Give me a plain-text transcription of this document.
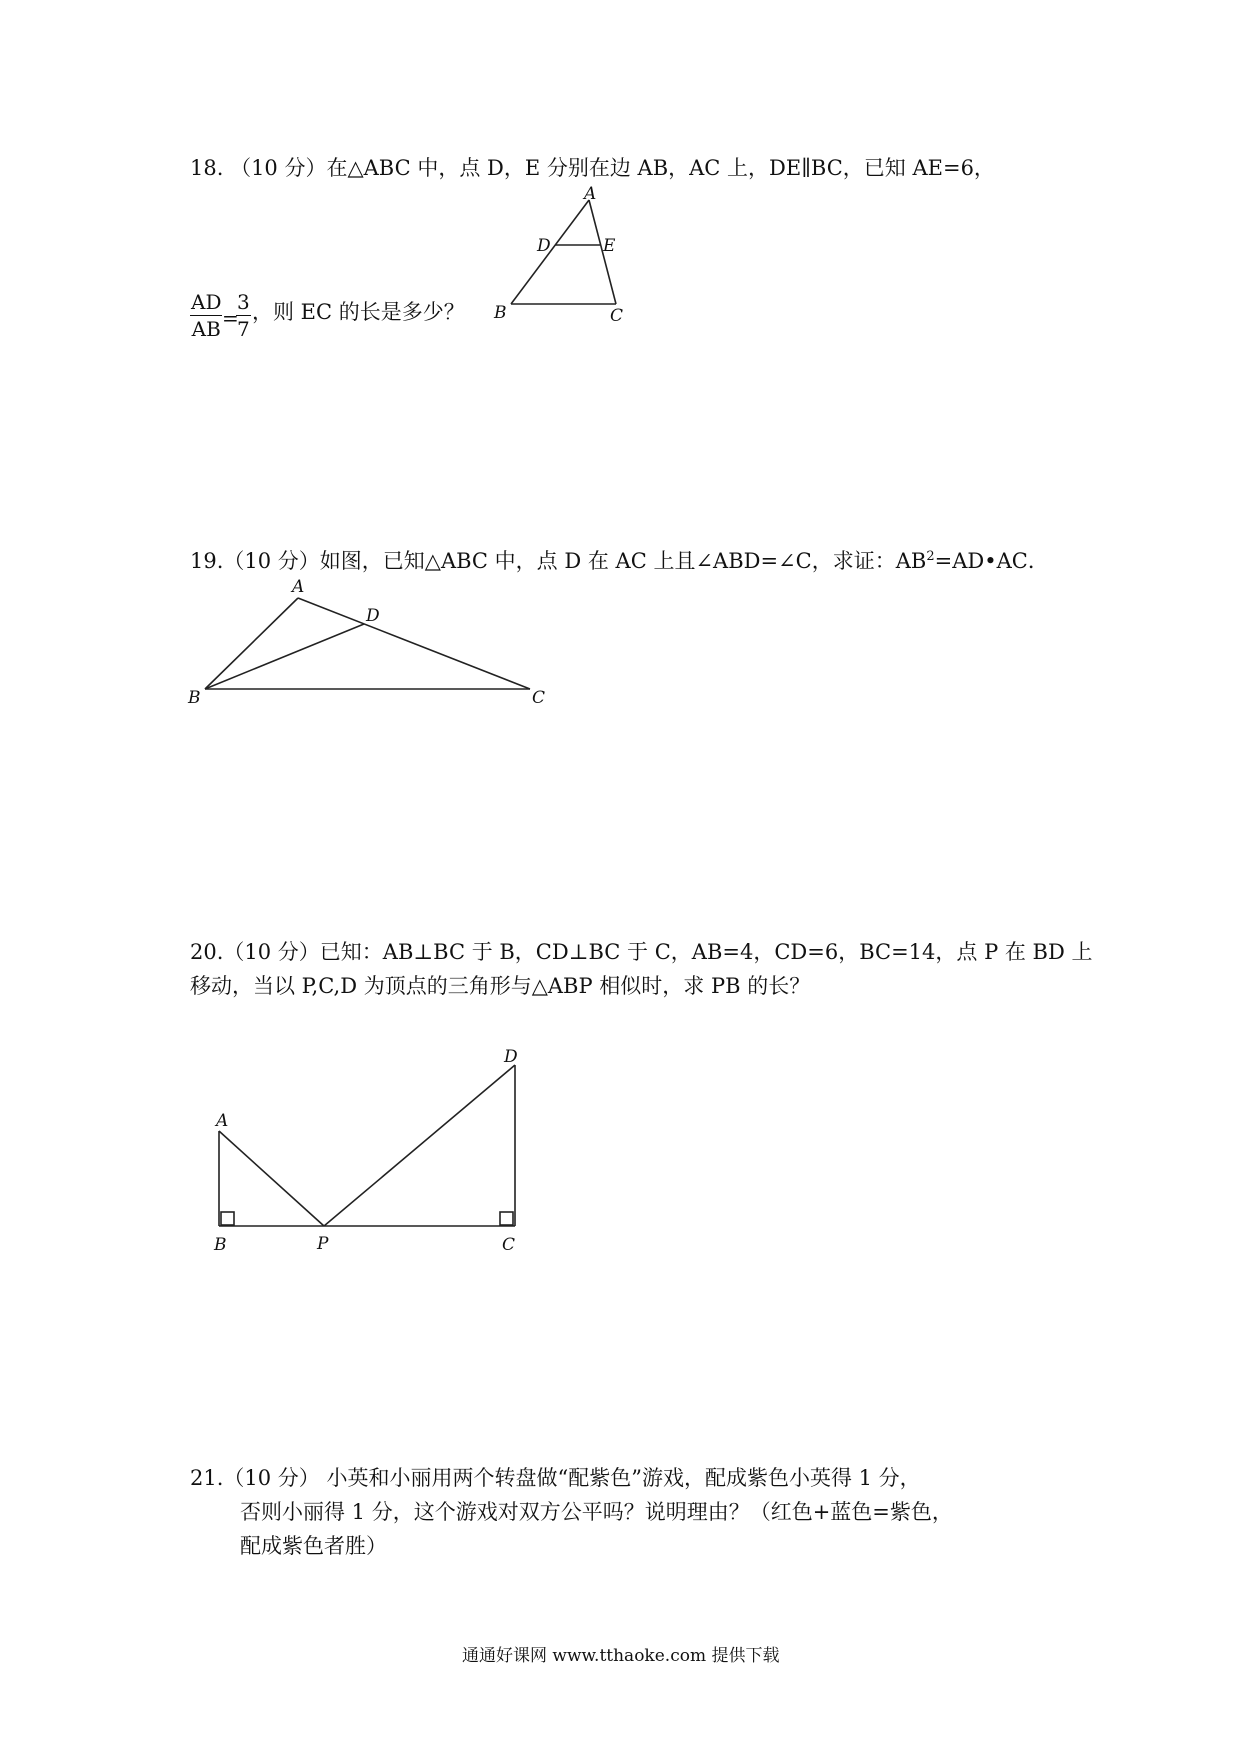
18. （10 分）在△ABC 中，点 D，E 分别在边 AB，AC 上，DE∥BC，已知 AE=6，
A
D	E
B	C
$\frac{AD}{AB}$ =
$\frac{3}{7}$ ，则 EC 的长是多少？
19.（10 分）如图，已知△ABC 中，点 D 在 AC 上且∠ABD=∠C，求证：$AB^2=AD•AC$．
A
D
B	C
20.（10 分）已知：AB⊥BC 于 B，CD⊥BC 于 C，AB=4，CD=6，BC=14，点 P 在 BD 上
移动，当以 P,C,D 为顶点的三角形与△ABP 相似时，求 PB 的长？
D
A
B	P	C
21.（10 分） 小英和小丽用两个转盘做“配紫色”游戏，配成紫色小英得 1 分，
否则小丽得 1 分，这个游戏对双方公平吗？说明理由？（红色+蓝色=紫色，
配成紫色者胜）
通通好课网 www.tthaoke.com 提供下载
